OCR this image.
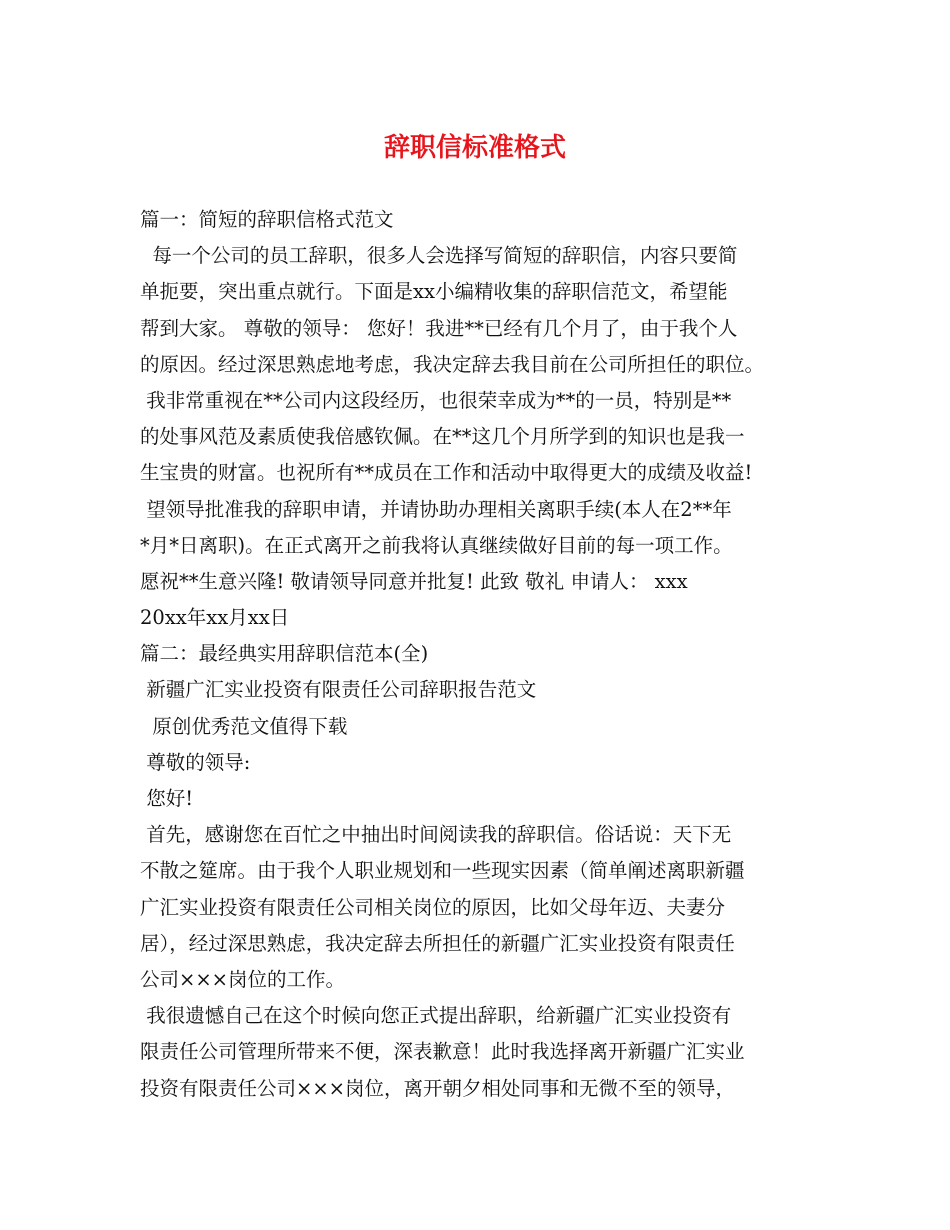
辞职信标准格式
篇一：简短的辞职信格式范文
每一个公司的员工辞职，很多人会选择写简短的辞职信，内容只要简
单扼要，突出重点就行。下面是xx小编精收集的辞职信范文，希望能
帮到大家。 尊敬的领导： 您好！我进**已经有几个月了，由于我个人
的原因。经过深思熟虑地考虑，我决定辞去我目前在公司所担任的职位。
我非常重视在**公司内这段经历，也很荣幸成为**的一员，特别是**
的处事风范及素质使我倍感钦佩。在**这几个月所学到的知识也是我一
生宝贵的财富。也祝所有**成员在工作和活动中取得更大的成绩及收益!
望领导批准我的辞职申请，并请协助办理相关离职手续(本人在2**年
*月*日离职)。在正式离开之前我将认真继续做好目前的每一项工作。
愿祝**生意兴隆! 敬请领导同意并批复! 此致 敬礼 申请人： xxx
20xx年xx月xx日
篇二：最经典实用辞职信范本(全)
新疆广汇实业投资有限责任公司辞职报告范文
原创优秀范文值得下载
尊敬的领导:
您好!
首先，感谢您在百忙之中抽出时间阅读我的辞职信。俗话说：天下无
不散之筵席。由于我个人职业规划和一些现实因素（简单阐述离职新疆
广汇实业投资有限责任公司相关岗位的原因，比如父母年迈、夫妻分
居），经过深思熟虑，我决定辞去所担任的新疆广汇实业投资有限责任
公司×××岗位的工作。
我很遗憾自己在这个时候向您正式提出辞职，给新疆广汇实业投资有
限责任公司管理所带来不便，深表歉意！此时我选择离开新疆广汇实业
投资有限责任公司×××岗位，离开朝夕相处同事和无微不至的领导，
